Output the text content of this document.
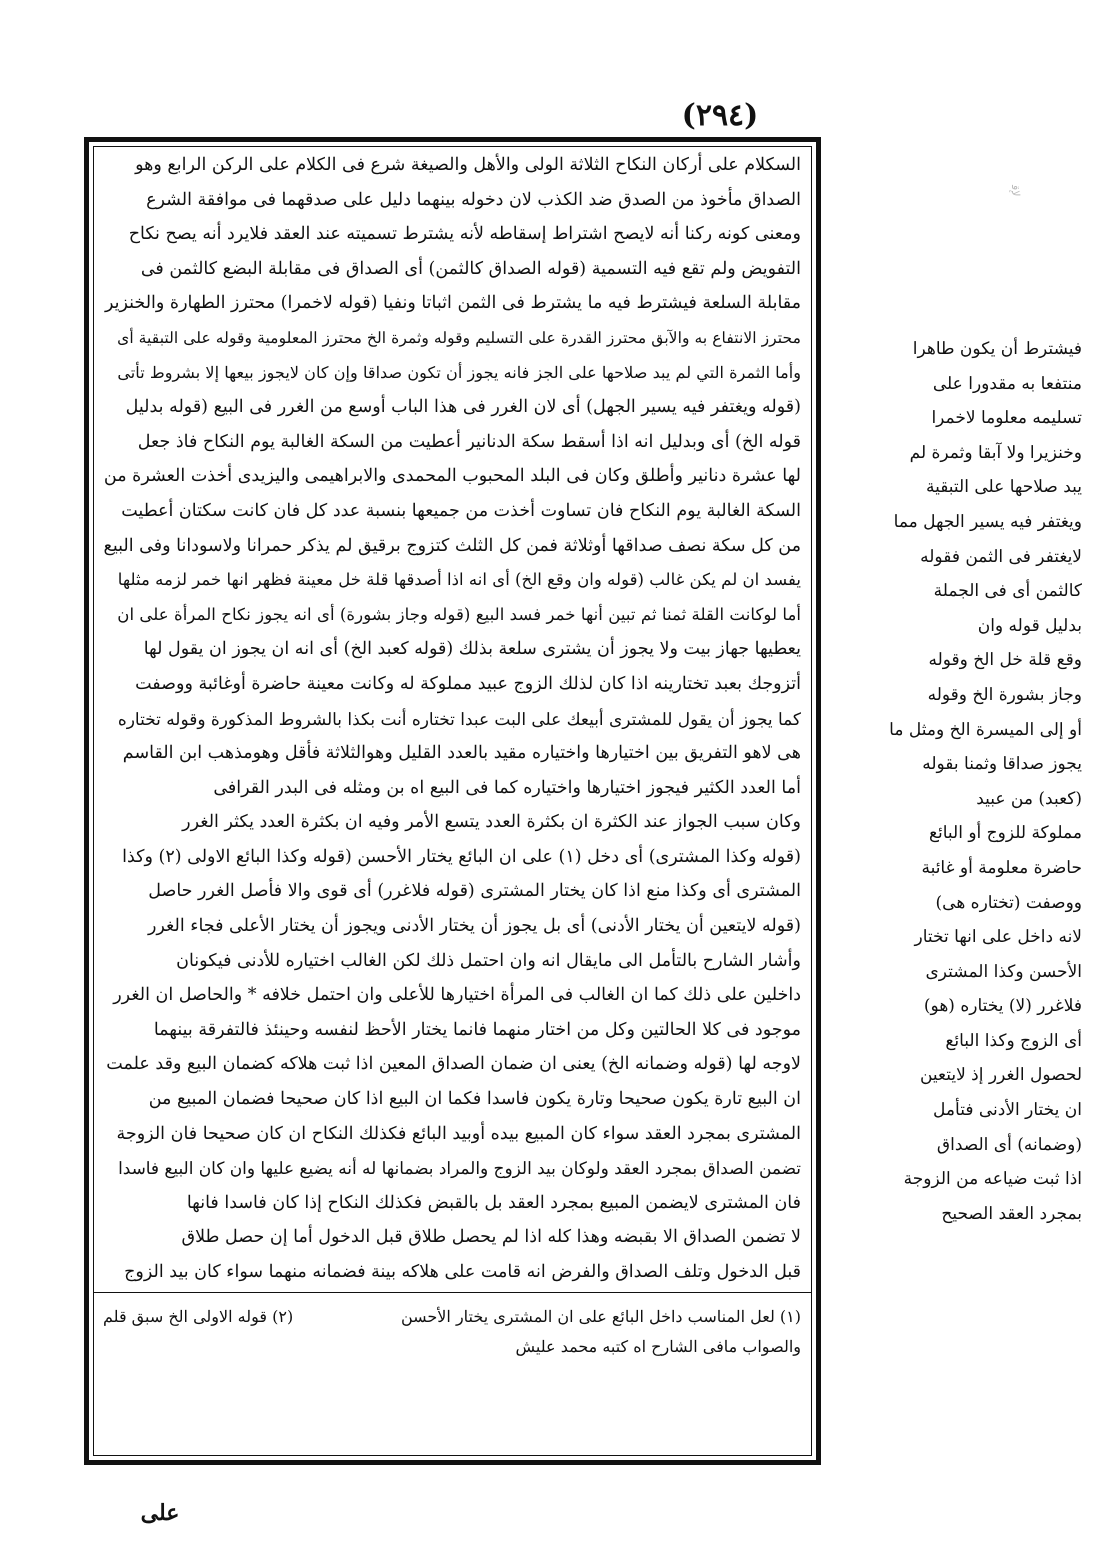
(٢٩٤)
ﻹﻗ
السكلام على أركان النكاح الثلاثة الولى والأهل والصيغة شرع فى الكلام على الركن الرابع وهو
الصداق مأخوذ من الصدق ضد الكذب لان دخوله بينهما دليل على صدقهما فى موافقة الشرع
ومعنى كونه ركنا أنه لايصح اشتراط إسقاطه لأنه يشترط تسميته عند العقد فلايرد أنه يصح نكاح
التفويض ولم تقع فيه التسمية (قوله الصداق كالثمن) أى الصداق فى مقابلة البضع كالثمن فى
مقابلة السلعة فيشترط فيه ما يشترط فى الثمن اثباتا ونفيا (قوله لاخمرا) محترز الطهارة والخنزير
محترز الانتفاع به والآبق محترز القدرة على التسليم وقوله وثمرة الخ محترز المعلومية وقوله على التبقية أى
وأما الثمرة التي لم يبد صلاحها على الجز فانه يجوز أن تكون صداقا وإن كان لايجوز بيعها إلا بشروط تأتى
(قوله ويغتفر فيه يسير الجهل) أى لان الغرر فى هذا الباب أوسع من الغرر فى البيع (قوله بدليل
قوله الخ) أى وبدليل انه اذا أسقط سكة الدنانير أعطيت من السكة الغالبة يوم النكاح فاذ جعل
لها عشرة دنانير وأطلق وكان فى البلد المحبوب المحمدى والابراهيمى واليزيدى أخذت العشرة من
السكة الغالبة يوم النكاح فان تساوت أخذت من جميعها بنسبة عدد كل فان كانت سكتان أعطيت
من كل سكة نصف صداقها أوثلاثة فمن كل الثلث كتزوج برقيق لم يذكر حمرانا ولاسودانا وفى البيع
يفسد ان لم يكن غالب (قوله وان وقع الخ) أى انه اذا أصدقها قلة خل معينة فظهر انها خمر لزمه مثلها
أما لوكانت القلة ثمنا ثم تبين أنها خمر فسد البيع (قوله وجاز بشورة) أى انه يجوز نكاح المرأة على ان
يعطيها جهاز بيت ولا يجوز أن يشترى سلعة بذلك (قوله كعبد الخ) أى انه ان يجوز ان يقول لها
أتزوجك بعبد تختارينه اذا كان لذلك الزوج عبيد مملوكة له وكانت معينة حاضرة أوغائبة ووصفت
كما يجوز أن يقول للمشترى أبيعك على البت عبدا تختاره أنت بكذا بالشروط المذكورة وقوله تختاره
هى لاهو التفريق بين اختيارها واختياره مقيد بالعدد القليل وهوالثلاثة فأقل وهومذهب ابن القاسم
أما العدد الكثير فيجوز اختيارها واختياره كما فى البيع اه بن ومثله فى البدر القرافى
وكان سبب الجواز عند الكثرة ان بكثرة العدد يتسع الأمر وفيه ان بكثرة العدد يكثر الغرر
(قوله وكذا المشترى) أى دخل (١) على ان البائع يختار الأحسن (قوله وكذا البائع الاولى (٢) وكذا
المشترى أى وكذا منع اذا كان يختار المشترى (قوله فلاغرر) أى قوى والا فأصل الغرر حاصل
(قوله لايتعين أن يختار الأدنى) أى بل يجوز أن يختار الأدنى ويجوز أن يختار الأعلى فجاء الغرر
وأشار الشارح بالتأمل الى مايقال انه وان احتمل ذلك لكن الغالب اختياره للأدنى فيكونان
داخلين على ذلك كما ان الغالب فى المرأة اختيارها للأعلى وان احتمل خلافه * والحاصل ان الغرر
موجود فى كلا الحالتين وكل من اختار منهما فانما يختار الأحظ لنفسه وحينئذ فالتفرقة بينهما
لاوجه لها (قوله وضمانه الخ) يعنى ان ضمان الصداق المعين اذا ثبت هلاكه كضمان البيع وقد علمت
ان البيع تارة يكون صحيحا وتارة يكون فاسدا فكما ان البيع اذا كان صحيحا فضمان المبيع من
المشترى بمجرد العقد سواء كان المبيع بيده أوبيد البائع فكذلك النكاح ان كان صحيحا فان الزوجة
تضمن الصداق بمجرد العقد ولوكان بيد الزوج والمراد بضمانها له أنه يضيع عليها وان كان البيع فاسدا
فان المشترى لايضمن المبيع بمجرد العقد بل بالقبض فكذلك النكاح إذا كان فاسدا فانها
لا تضمن الصداق الا بقبضه وهذا كله اذا لم يحصل طلاق قبل الدخول أما إن حصل طلاق
قبل الدخول وتلف الصداق والفرض انه قامت على هلاكه بينة فضمانه منهما سواء كان بيد الزوج
(١) لعل المناسب داخل البائع على ان المشترى يختار الأحسن
(٢) قوله الاولى الخ سبق قلم
والصواب مافى الشارح اه كتبه محمد عليش
فيشترط أن يكون طاهرا
منتفعا به مقدورا على
تسليمه معلوما لاخمرا
وخنزيرا ولا آبقا وثمرة لم
يبد صلاحها على التبقية
ويغتفر فيه يسير الجهل مما
لايغتفر فى الثمن فقوله
كالثمن أى فى الجملة
بدليل قوله وان
وقع قلة خل الخ وقوله
وجاز بشورة الخ وقوله
أو إلى الميسرة الخ ومثل ما
يجوز صداقا وثمنا بقوله
(كعبد) من عبيد
مملوكة للزوج أو البائع
حاضرة معلومة أو غائبة
ووصفت (تختاره هى)
لانه داخل على انها تختار
الأحسن وكذا المشترى
فلاغرر (لا) يختاره (هو)
أى الزوج وكذا البائع
لحصول الغرر إذ لايتعين
ان يختار الأدنى فتأمل
(وضمانه) أى الصداق
اذا ثبت ضياعه من الزوجة
بمجرد العقد الصحيح
على
